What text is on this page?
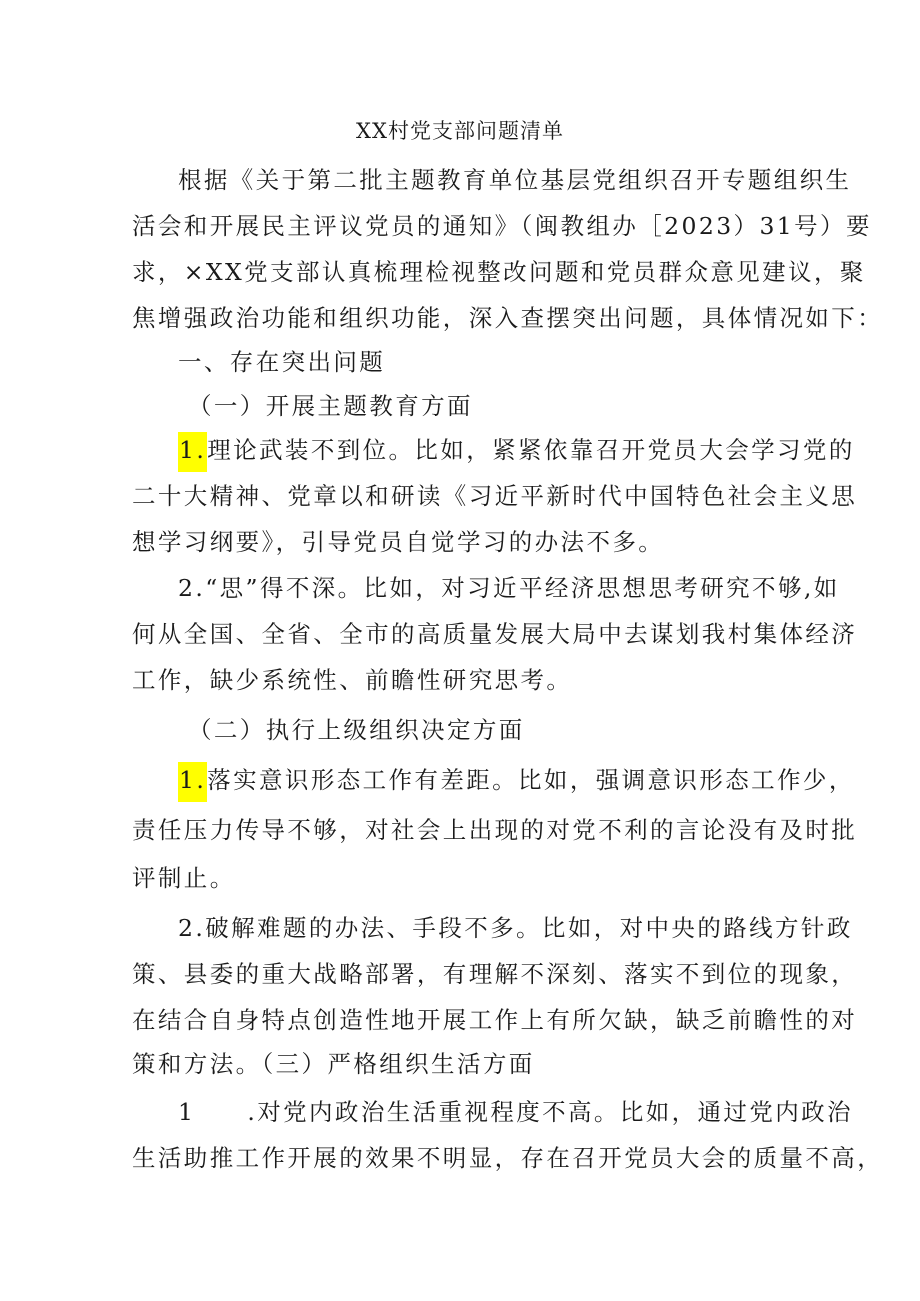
XX村党支部问题清单
根据《关于第二批主题教育单位基层党组织召开专题组织生
活会和开展民主评议党员的通知》（闽教组办［2023）31号）要
求，×XX党支部认真梳理检视整改问题和党员群众意见建议，聚
焦增强政治功能和组织功能，深入查摆突出问题，具体情况如下：
一、存在突出问题
（一）开展主题教育方面
1.理论武装不到位。比如，紧紧依靠召开党员大会学习党的
二十大精神、党章以和研读《习近平新时代中国特色社会主义思
想学习纲要》，引导党员自觉学习的办法不多。
2.“思”得不深。比如，对习近平经济思想思考研究不够,如
何从全国、全省、全市的高质量发展大局中去谋划我村集体经济
工作，缺少系统性、前瞻性研究思考。
（二）执行上级组织决定方面
1.落实意识形态工作有差距。比如，强调意识形态工作少，
责任压力传导不够，对社会上出现的对党不利的言论没有及时批
评制止。
2.破解难题的办法、手段不多。比如，对中央的路线方针政
策、县委的重大战略部署，有理解不深刻、落实不到位的现象，
在结合自身特点创造性地开展工作上有所欠缺，缺乏前瞻性的对
策和方法。（三）严格组织生活方面
1 .对党内政治生活重视程度不高。比如，通过党内政治
生活助推工作开展的效果不明显，存在召开党员大会的质量不高，
